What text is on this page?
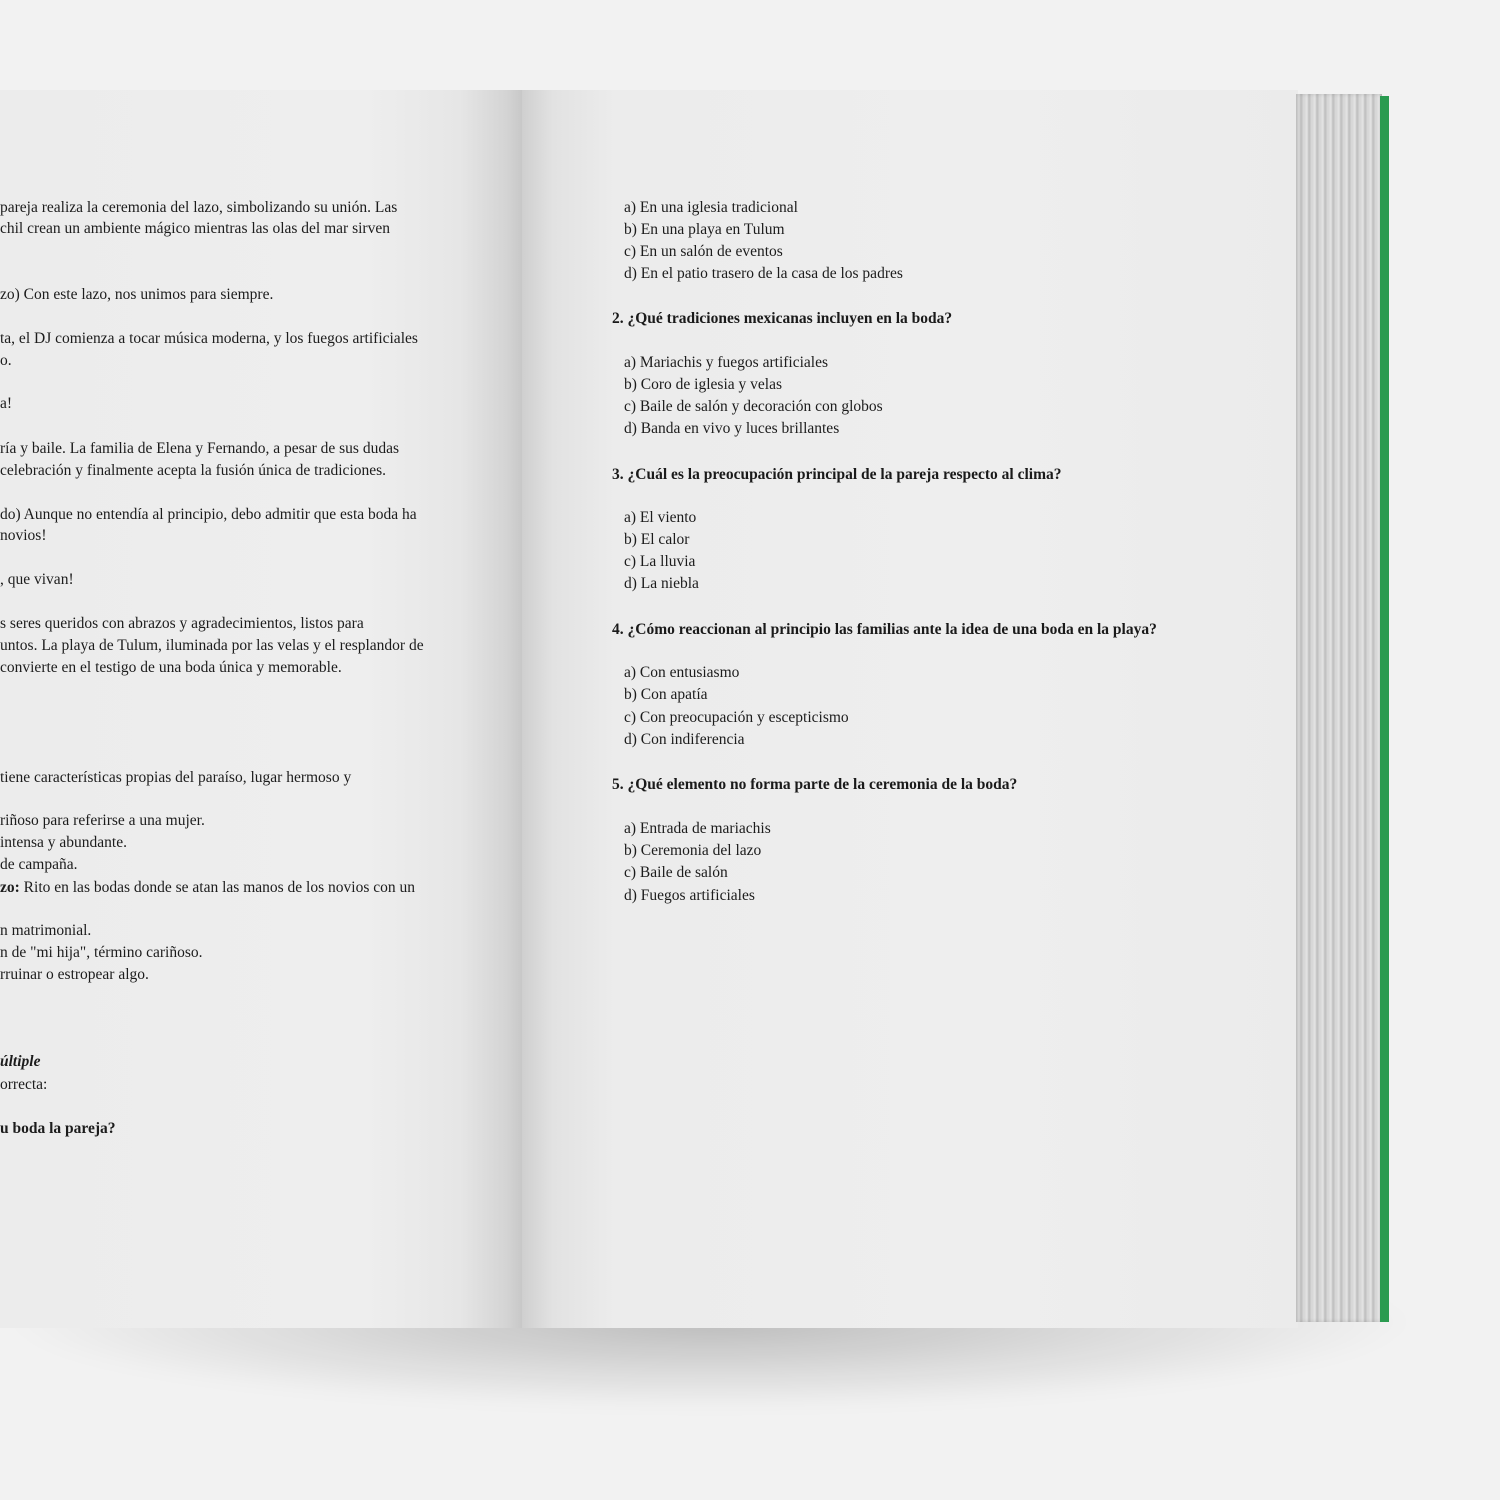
pareja realiza la ceremonia del lazo, simbolizando su unión. Las
chil crean un ambiente mágico mientras las olas del mar sirven
zo) Con este lazo, nos unimos para siempre.
ta, el DJ comienza a tocar música moderna, y los fuegos artificiales
o.
a!
ría y baile. La familia de Elena y Fernando, a pesar de sus dudas
celebración y finalmente acepta la fusión única de tradiciones.
do) Aunque no entendía al principio, debo admitir que esta boda ha
novios!
, que vivan!
s seres queridos con abrazos y agradecimientos, listos para
untos. La playa de Tulum, iluminada por las velas y el resplandor de
convierte en el testigo de una boda única y memorable.
tiene características propias del paraíso, lugar hermoso y
riñoso para referirse a una mujer.
intensa y abundante.
de campaña.
zo: Rito en las bodas donde se atan las manos de los novios con un
n matrimonial.
n de "mi hija", término cariñoso.
rruinar o estropear algo.
últiple
orrecta:
u boda la pareja?
a) En una iglesia tradicional
b) En una playa en Tulum
c) En un salón de eventos
d) En el patio trasero de la casa de los padres
2. ¿Qué tradiciones mexicanas incluyen en la boda?
a) Mariachis y fuegos artificiales
b) Coro de iglesia y velas
c) Baile de salón y decoración con globos
d) Banda en vivo y luces brillantes
3. ¿Cuál es la preocupación principal de la pareja respecto al clima?
a) El viento
b) El calor
c) La lluvia
d) La niebla
4. ¿Cómo reaccionan al principio las familias ante la idea de una boda en la playa?
a) Con entusiasmo
b) Con apatía
c) Con preocupación y escepticismo
d) Con indiferencia
5. ¿Qué elemento no forma parte de la ceremonia de la boda?
a) Entrada de mariachis
b) Ceremonia del lazo
c) Baile de salón
d) Fuegos artificiales
